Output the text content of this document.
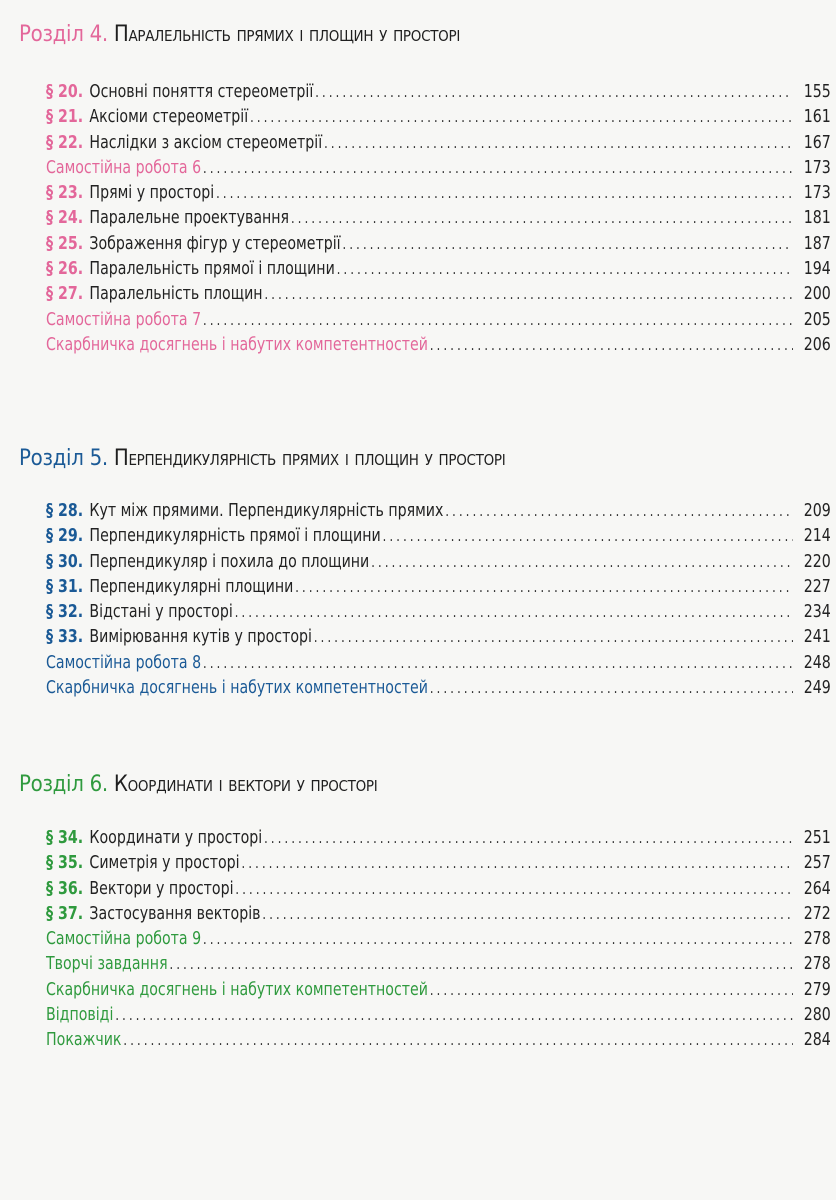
Розділ 4. Паралельність прямих і площин у просторі
§ 20. Основні поняття стереометрії . . .	155
§ 21. Аксіоми стереометрії . . .	161
§ 22. Наслідки з аксіом стереометрії . . .	167
Самостійна робота 6 . . .	173
§ 23. Прямі у просторі . . .	173
§ 24. Паралельне проектування . . .	181
§ 25. Зображення фігур у стереометрії . . .	187
§ 26. Паралельність прямої і площини . . .	194
§ 27. Паралельність площин . . .	200
Самостійна робота 7 . . .	205
Скарбничка досягнень і набутих компетентностей . . .	206
Розділ 5. Перпендикулярність прямих і площин у просторі
§ 28. Кут між прямими. Перпендикулярність прямих . . .	209
§ 29. Перпендикулярність прямої і площини . . .	214
§ 30. Перпендикуляр і похила до площини . . .	220
§ 31. Перпендикулярні площини . . .	227
§ 32. Відстані у просторі . . .	234
§ 33. Вимірювання кутів у просторі . . .	241
Самостійна робота 8 . . .	248
Скарбничка досягнень і набутих компетентностей . . .	249
Розділ 6. Координати і вектори у просторі
§ 34. Координати у просторі . . .	251
§ 35. Симетрія у просторі . . .	257
§ 36. Вектори у просторі . . .	264
§ 37. Застосування векторів . . .	272
Самостійна робота 9 . . .	278
Творчі завдання . . .	278
Скарбничка досягнень і набутих компетентностей . . .	279
Відповіді . . .	280
Покажчик . . .	284
